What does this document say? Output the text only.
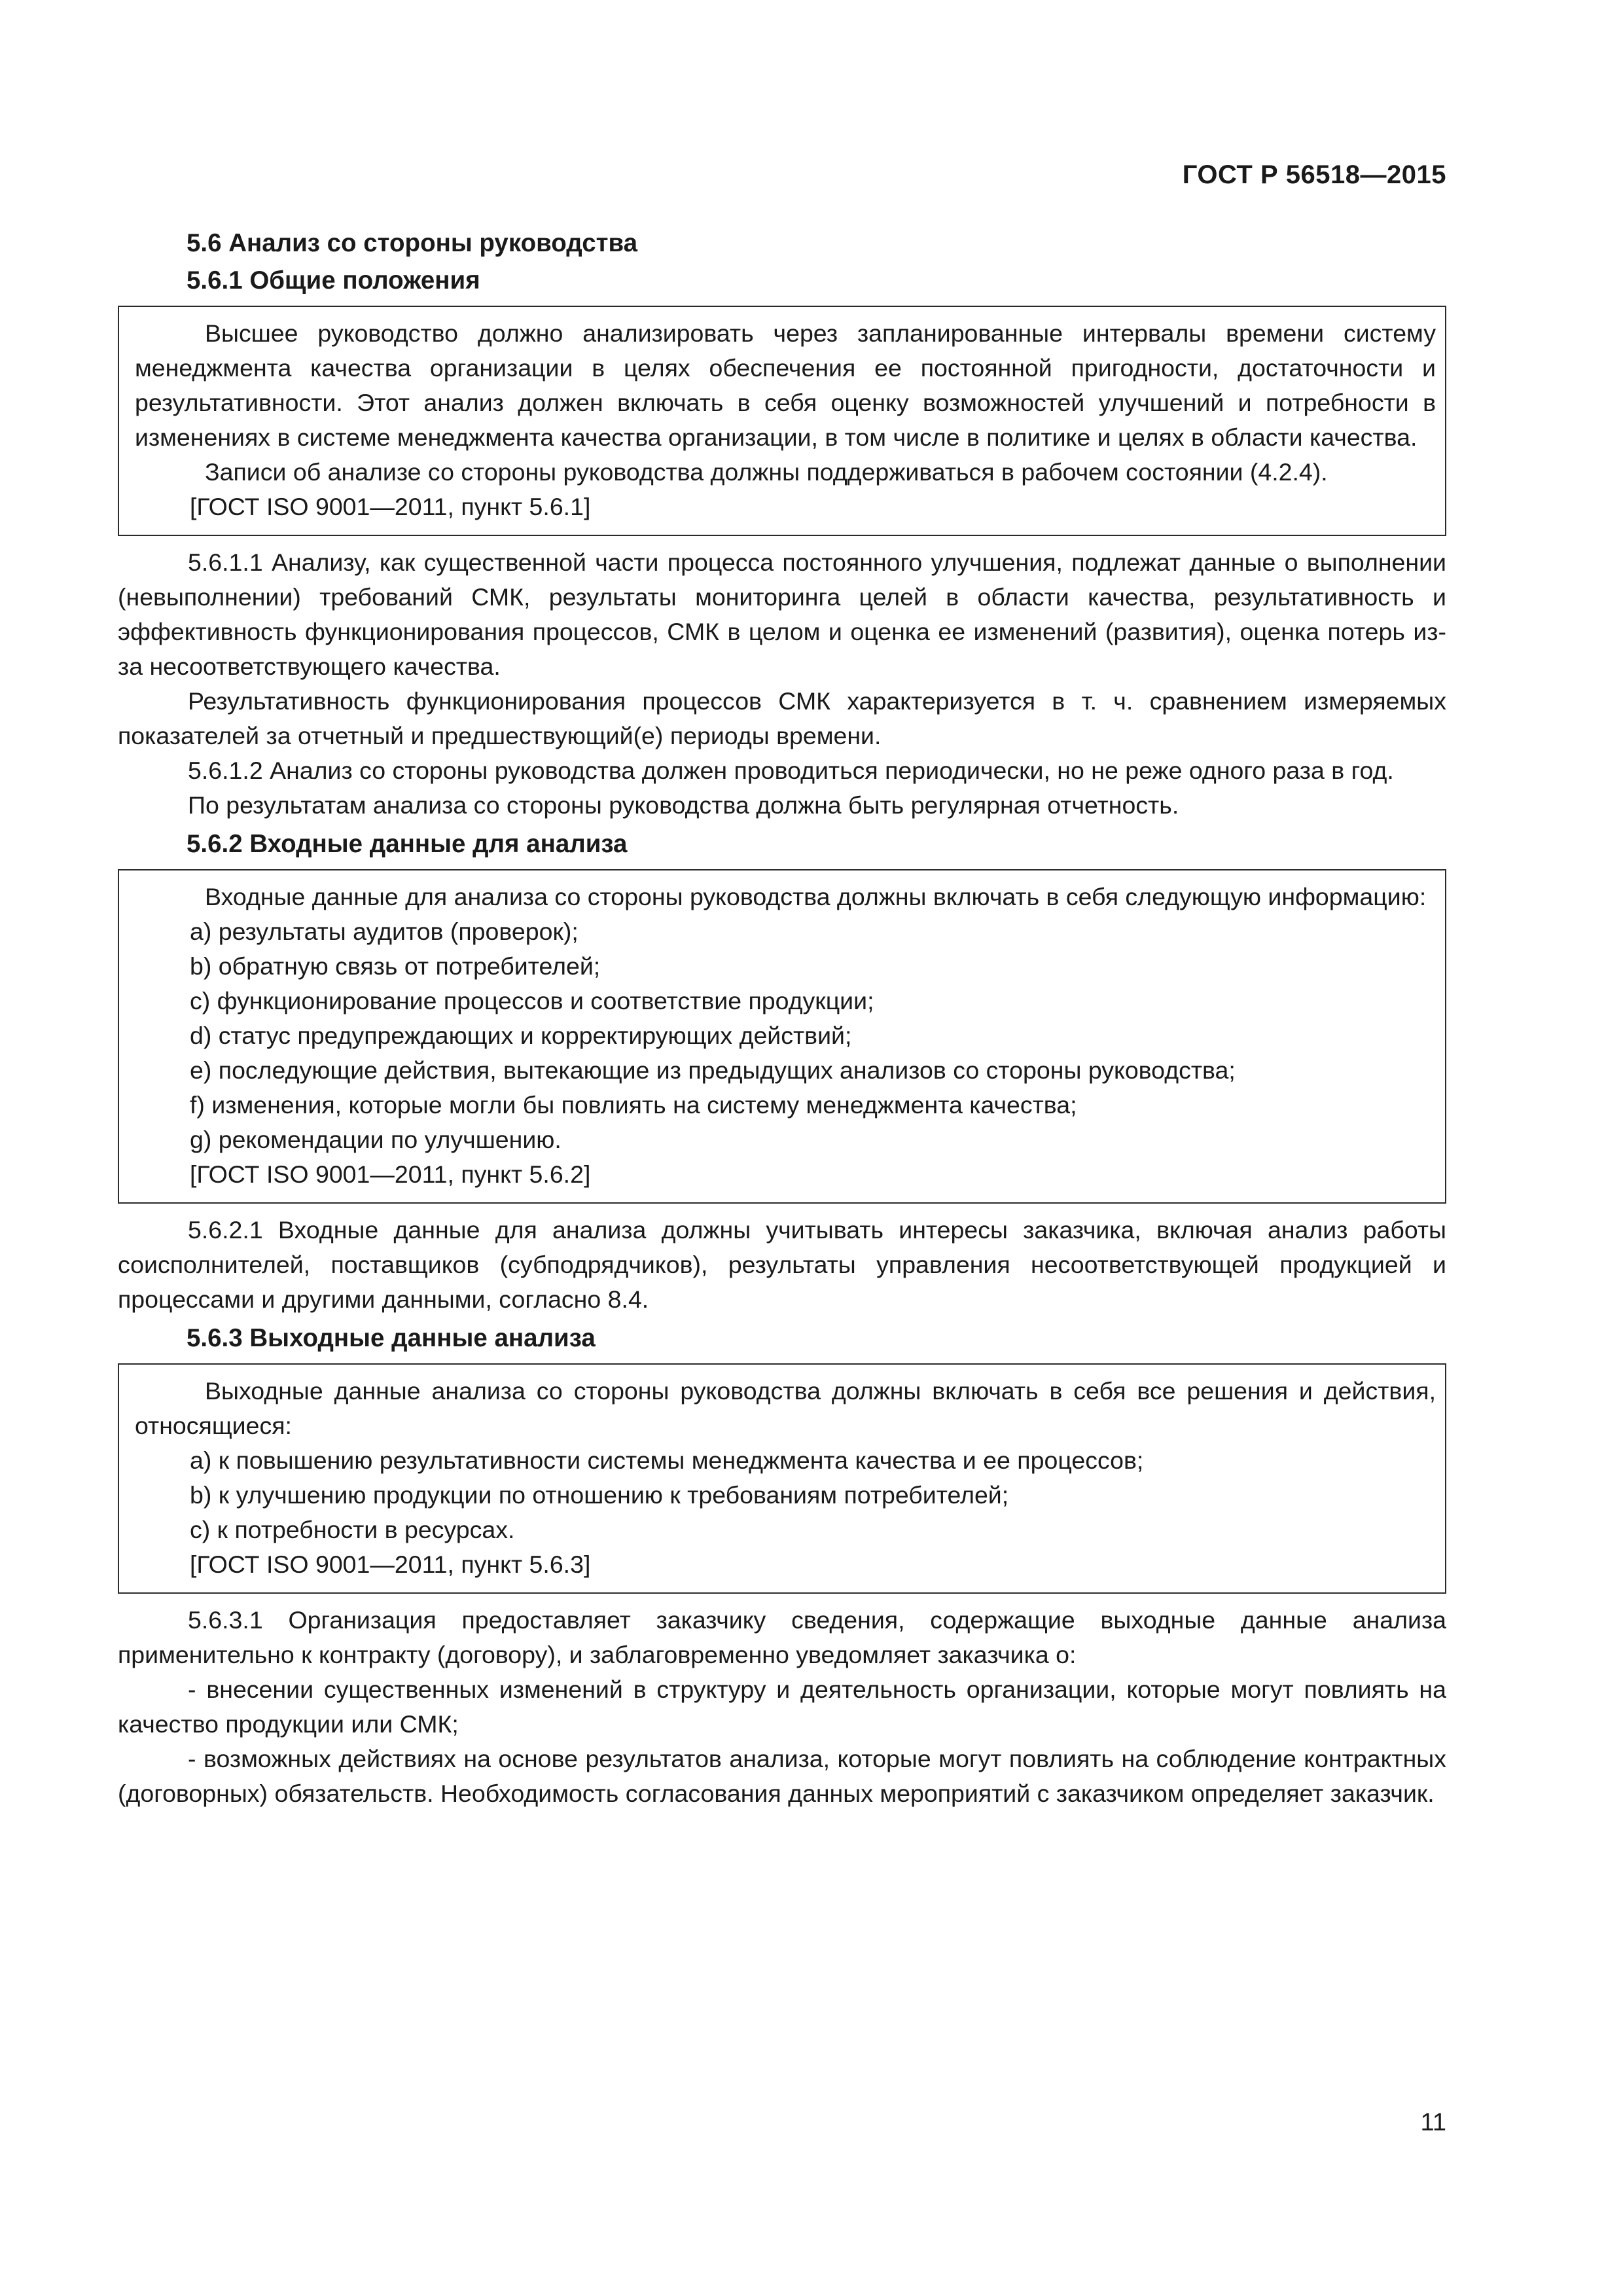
ГОСТ Р 56518—2015
5.6 Анализ со стороны руководства
5.6.1 Общие положения

Высшее руководство должно анализировать через запланированные интервалы времени систему менеджмента качества организации в целях обеспечения ее постоянной пригодности, достаточности и результативности. Этот анализ должен включать в себя оценку возможностей улучшений и потребности в изменениях в системе менеджмента качества организации, в том числе в политике и целях в области качества.

Записи об анализе со стороны руководства должны поддерживаться в рабочем состоянии (4.2.4).

[ГОСТ ISO 9001—2011, пункт 5.6.1]

5.6.1.1 Анализу, как существенной части процесса постоянного улучшения, подлежат данные о выполнении (невыполнении) требований СМК, результаты мониторинга целей в области качества, результативность и эффективность функционирования процессов, СМК в целом и оценка ее изменений (развития), оценка потерь из-за несоответствующего качества.

Результативность функционирования процессов СМК характеризуется в т. ч. сравнением измеряемых показателей за отчетный и предшествующий(е) периоды времени.

5.6.1.2 Анализ со стороны руководства должен проводиться периодически, но не реже одного раза в год.

По результатам анализа со стороны руководства должна быть регулярная отчетность.

5.6.2 Входные данные для анализа

Входные данные для анализа со стороны руководства должны включать в себя следующую информацию:

a) результаты аудитов (проверок);

b) обратную связь от потребителей;

c) функционирование процессов и соответствие продукции;

d) статус предупреждающих и корректирующих действий;

e) последующие действия, вытекающие из предыдущих анализов со стороны руководства;

f) изменения, которые могли бы повлиять на систему менеджмента качества;

g) рекомендации по улучшению.

[ГОСТ ISO 9001—2011, пункт 5.6.2]

5.6.2.1 Входные данные для анализа должны учитывать интересы заказчика, включая анализ работы соисполнителей, поставщиков (субподрядчиков), результаты управления несоответствующей продукцией и процессами и другими данными, согласно 8.4.

5.6.3 Выходные данные анализа

Выходные данные анализа со стороны руководства должны включать в себя все решения и действия, относящиеся:

a) к повышению результативности системы менеджмента качества и ее процессов;

b) к улучшению продукции по отношению к требованиям потребителей;

c) к потребности в ресурсах.

[ГОСТ ISO 9001—2011, пункт 5.6.3]

5.6.3.1 Организация предоставляет заказчику сведения, содержащие выходные данные анализа применительно к контракту (договору), и заблаговременно уведомляет заказчика о:

- внесении существенных изменений в структуру и деятельность организации, которые могут повлиять на качество продукции или СМК;

- возможных действиях на основе результатов анализа, которые могут повлиять на соблюдение контрактных (договорных) обязательств. Необходимость согласования данных мероприятий с заказчиком определяет заказчик.

11
